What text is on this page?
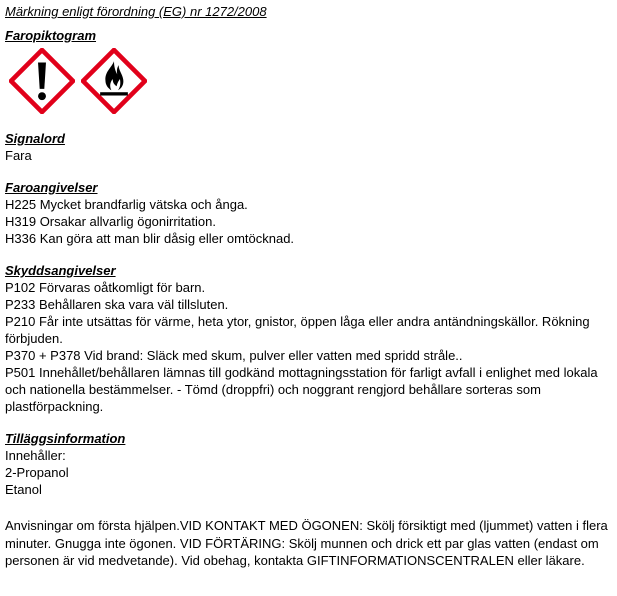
Märkning enligt förordning (EG) nr 1272/2008

Faropiktogram

Signalord

Fara

Faroangivelser

H225 Mycket brandfarlig vätska och ånga.

H319 Orsakar allvarlig ögonirritation.

H336 Kan göra att man blir dåsig eller omtöcknad.

Skyddsangivelser

P102 Förvaras oåtkomligt för barn.

P233 Behållaren ska vara väl tillsluten.

P210 Får inte utsättas för värme, heta ytor, gnistor, öppen låga eller andra antändningskällor. Rökning förbjuden.

P370 + P378 Vid brand: Släck med skum, pulver eller vatten med spridd stråle..

P501 Innehållet/behållaren lämnas till godkänd mottagningsstation för farligt avfall i enlighet med lokala och nationella bestämmelser. - Tömd (droppfri) och noggrant rengjord behållare sorteras som plastförpackning.

Tilläggsinformation

Innehåller:

2-Propanol

Etanol

Anvisningar om första hjälpen.VID KONTAKT MED ÖGONEN: Skölj försiktigt med (ljummet) vatten i flera minuter. Gnugga inte ögonen. VID FÖRTÄRING: Skölj munnen och drick ett par glas vatten (endast om personen är vid medvetande). Vid obehag, kontakta GIFTINFORMATIONSCENTRALEN eller läkare.
